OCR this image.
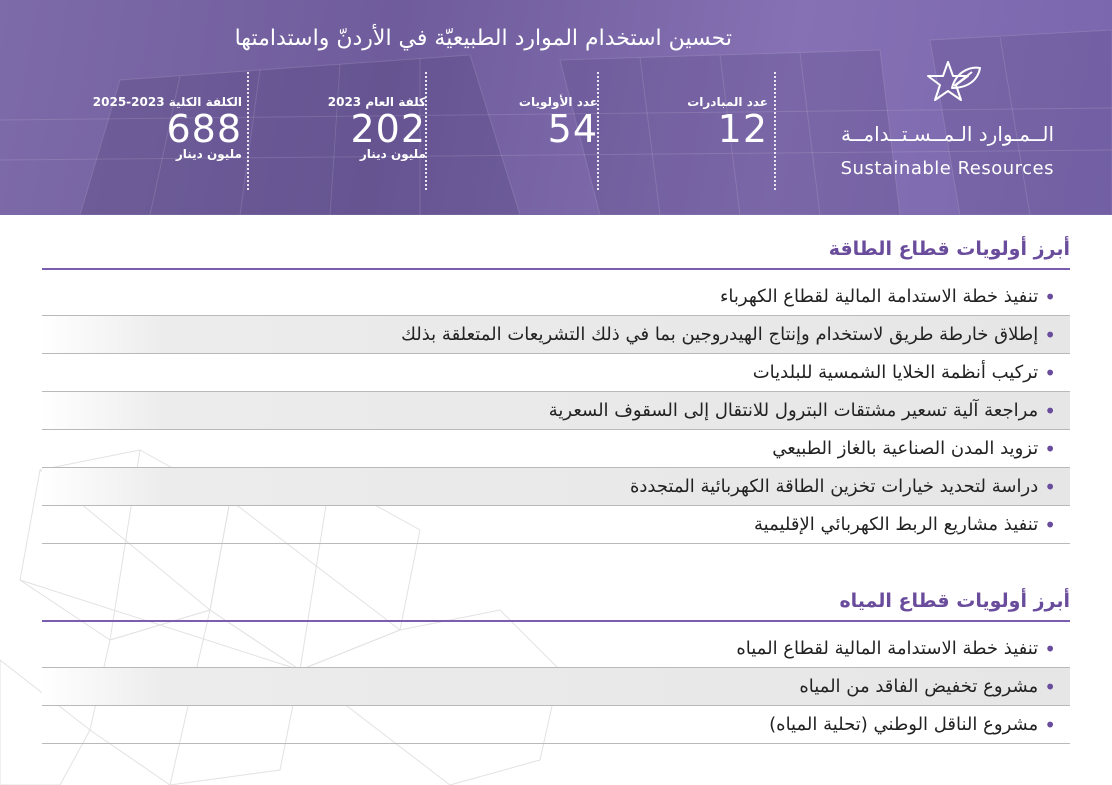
تحسين استخدام الموارد الطبيعيّة في الأردنّ واستدامتها
عدد المبادرات
12
عدد الأولويات
54
كلفة العام 2023
202
مليون دينار
الكلفة الكلية 2023-2025
688
مليون دينار
الــمـوارد الـمــسـتــدامــة
Sustainable Resources
أبرز أولويات قطاع الطاقة
•
تنفيذ خطة الاستدامة المالية لقطاع الكهرباء
•
إطلاق خارطة طريق لاستخدام وإنتاج الهيدروجين بما في ذلك التشريعات المتعلقة بذلك
•
تركيب أنظمة الخلايا الشمسية للبلديات
•
مراجعة آلية تسعير مشتقات البترول للانتقال إلى السقوف السعرية
•
تزويد المدن الصناعية بالغاز الطبيعي
•
دراسة لتحديد خيارات تخزين الطاقة الكهربائية المتجددة
•
تنفيذ مشاريع الربط الكهربائي الإقليمية
أبرز أولويات قطاع المياه
•
تنفيذ خطة الاستدامة المالية لقطاع المياه
•
مشروع تخفيض الفاقد من المياه
•
مشروع الناقل الوطني (تحلية المياه)
